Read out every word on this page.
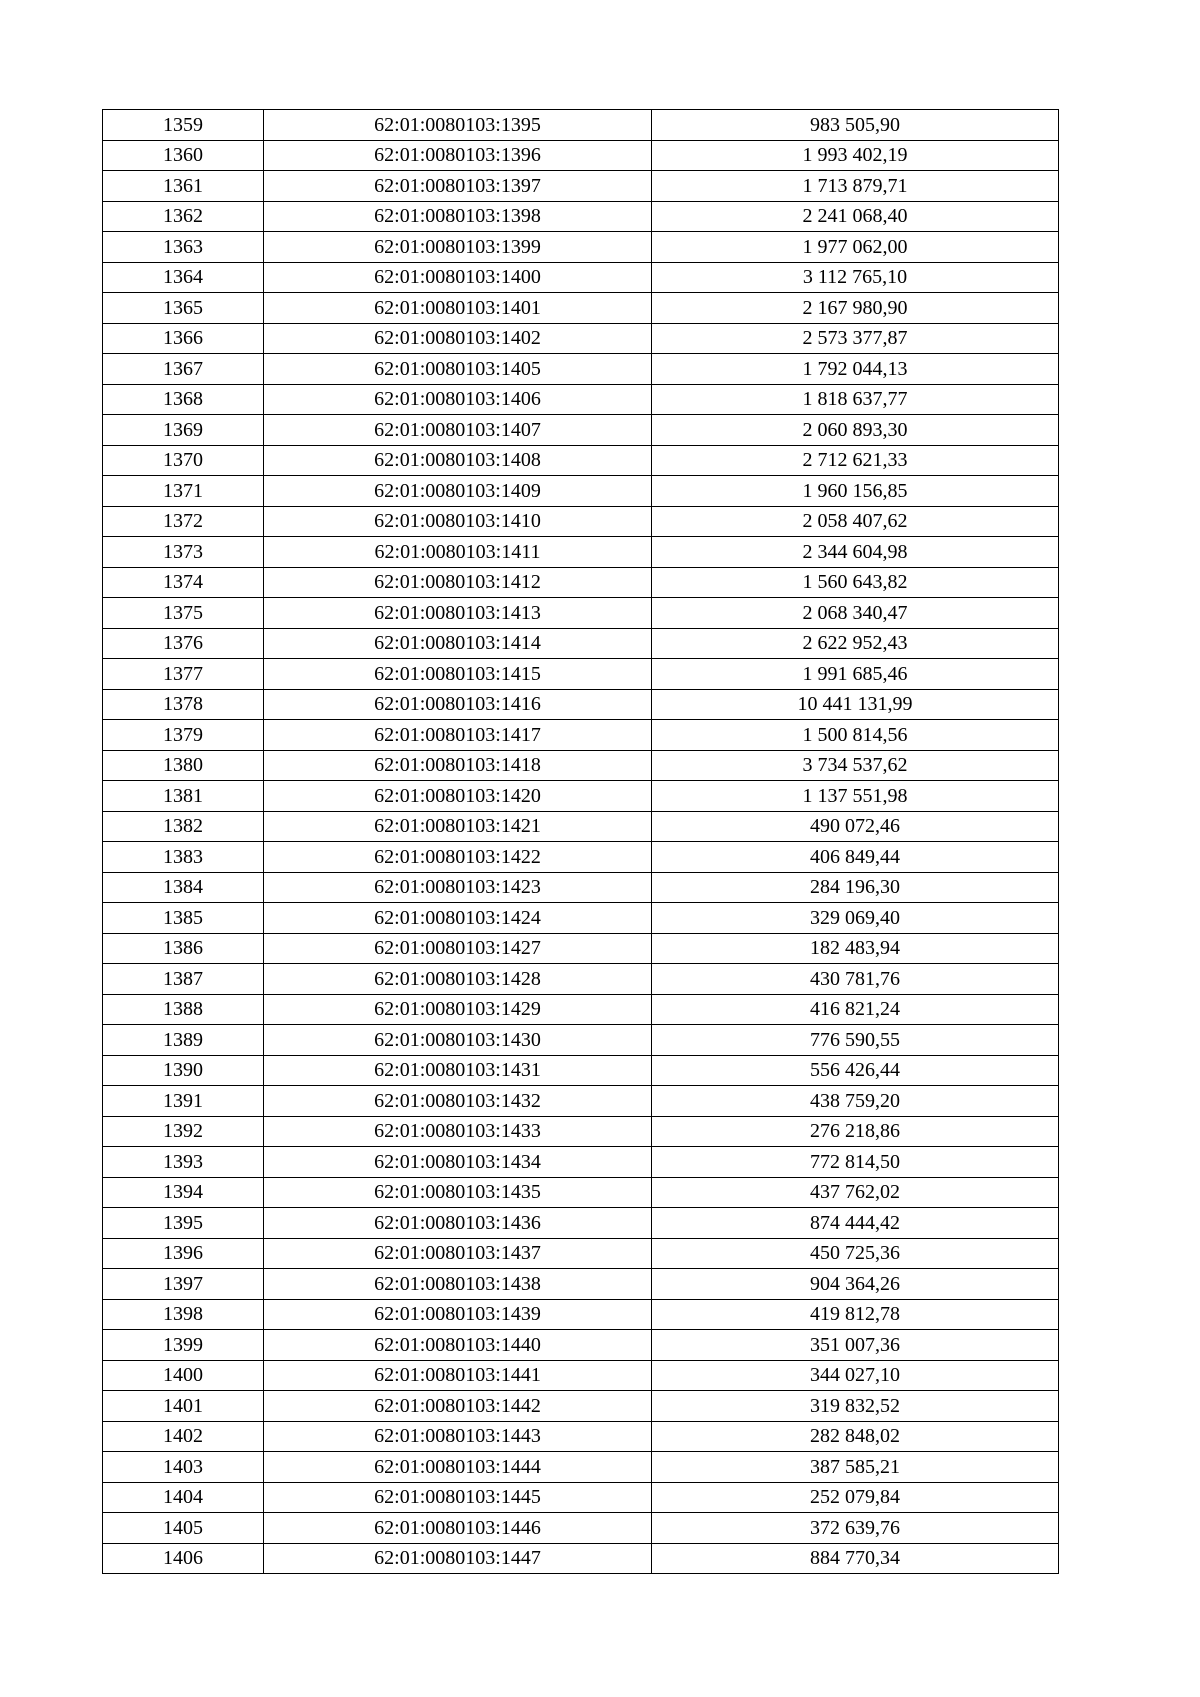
1359	62:01:0080103:1395	983 505,90
1360	62:01:0080103:1396	1 993 402,19
1361	62:01:0080103:1397	1 713 879,71
1362	62:01:0080103:1398	2 241 068,40
1363	62:01:0080103:1399	1 977 062,00
1364	62:01:0080103:1400	3 112 765,10
1365	62:01:0080103:1401	2 167 980,90
1366	62:01:0080103:1402	2 573 377,87
1367	62:01:0080103:1405	1 792 044,13
1368	62:01:0080103:1406	1 818 637,77
1369	62:01:0080103:1407	2 060 893,30
1370	62:01:0080103:1408	2 712 621,33
1371	62:01:0080103:1409	1 960 156,85
1372	62:01:0080103:1410	2 058 407,62
1373	62:01:0080103:1411	2 344 604,98
1374	62:01:0080103:1412	1 560 643,82
1375	62:01:0080103:1413	2 068 340,47
1376	62:01:0080103:1414	2 622 952,43
1377	62:01:0080103:1415	1 991 685,46
1378	62:01:0080103:1416	10 441 131,99
1379	62:01:0080103:1417	1 500 814,56
1380	62:01:0080103:1418	3 734 537,62
1381	62:01:0080103:1420	1 137 551,98
1382	62:01:0080103:1421	490 072,46
1383	62:01:0080103:1422	406 849,44
1384	62:01:0080103:1423	284 196,30
1385	62:01:0080103:1424	329 069,40
1386	62:01:0080103:1427	182 483,94
1387	62:01:0080103:1428	430 781,76
1388	62:01:0080103:1429	416 821,24
1389	62:01:0080103:1430	776 590,55
1390	62:01:0080103:1431	556 426,44
1391	62:01:0080103:1432	438 759,20
1392	62:01:0080103:1433	276 218,86
1393	62:01:0080103:1434	772 814,50
1394	62:01:0080103:1435	437 762,02
1395	62:01:0080103:1436	874 444,42
1396	62:01:0080103:1437	450 725,36
1397	62:01:0080103:1438	904 364,26
1398	62:01:0080103:1439	419 812,78
1399	62:01:0080103:1440	351 007,36
1400	62:01:0080103:1441	344 027,10
1401	62:01:0080103:1442	319 832,52
1402	62:01:0080103:1443	282 848,02
1403	62:01:0080103:1444	387 585,21
1404	62:01:0080103:1445	252 079,84
1405	62:01:0080103:1446	372 639,76
1406	62:01:0080103:1447	884 770,34
